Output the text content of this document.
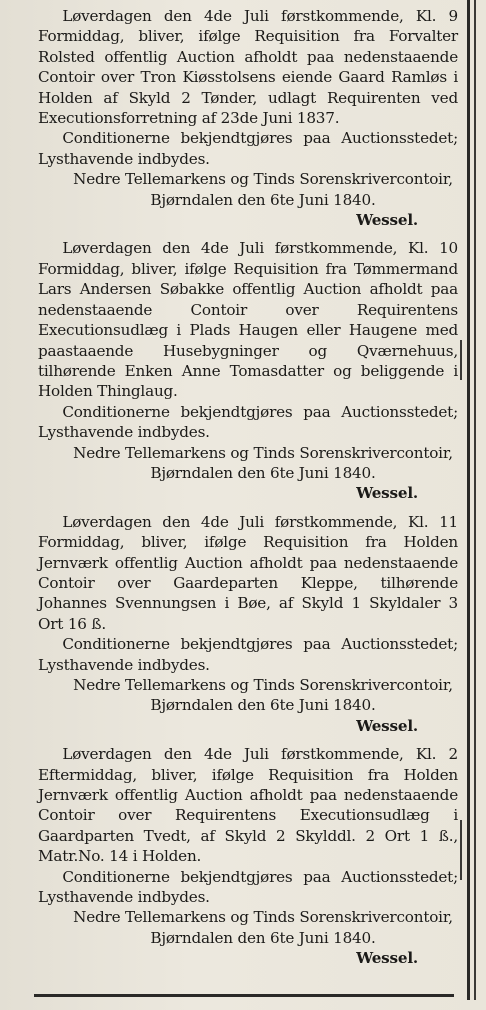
Løverdagen den 4de Juli førstkommende, Kl. 9 Formiddag, bliver, ifølge Requisition fra Forvalter Rolsted offentlig Auction afholdt paa nedenstaaende Contoir over Tron Kiøsstolsens eiende Gaard Ramløs i Holden af Skyld 2 Tønder, udlagt Requirenten ved Executionsforretning af 23de Juni 1837.

Conditionerne bekjendtgjøres paa Auctionsstedet; Lysthavende indbydes.

Nedre Tellemarkens og Tinds Sorenskrivercontoir, Bjørndalen den 6te Juni 1840.

Wessel.

Løverdagen den 4de Juli førstkommende, Kl. 10 Formiddag, bliver, ifølge Requisition fra Tømmermand Lars Andersen Søbakke offentlig Auction afholdt paa nedenstaaende Contoir over Requirentens Executionsudlæg i Plads Haugen eller Haugene med paastaaende Husebygninger og Qværnehuus, tilhørende Enken Anne Tomasdatter og beliggende i Holden Thinglaug.

Conditionerne bekjendtgjøres paa Auctionsstedet; Lysthavende indbydes.

Nedre Tellemarkens og Tinds Sorenskrivercontoir, Bjørndalen den 6te Juni 1840.

Wessel.

Løverdagen den 4de Juli førstkommende, Kl. 11 Formiddag, bliver, ifølge Requisition fra Holden Jernværk offentlig Auction afholdt paa nedenstaaende Contoir over Gaardeparten Kleppe, tilhørende Johannes Svennungsen i Bøe, af Skyld 1 Skyldaler 3 Ort 16 ß.

Conditionerne bekjendtgjøres paa Auctionsstedet; Lysthavende indbydes.

Nedre Tellemarkens og Tinds Sorenskrivercontoir, Bjørndalen den 6te Juni 1840.

Wessel.

Løverdagen den 4de Juli førstkommende, Kl. 2 Eftermiddag, bliver, ifølge Requisition fra Holden Jernværk offentlig Auction afholdt paa nedenstaaende Contoir over Requirentens Executionsudlæg i Gaardparten Tvedt, af Skyld 2 Skylddl. 2 Ort 1 ß., Matr.No. 14 i Holden.

Conditionerne bekjendtgjøres paa Auctionsstedet; Lysthavende indbydes.

Nedre Tellemarkens og Tinds Sorenskrivercontoir, Bjørndalen den 6te Juni 1840.

Wessel.
